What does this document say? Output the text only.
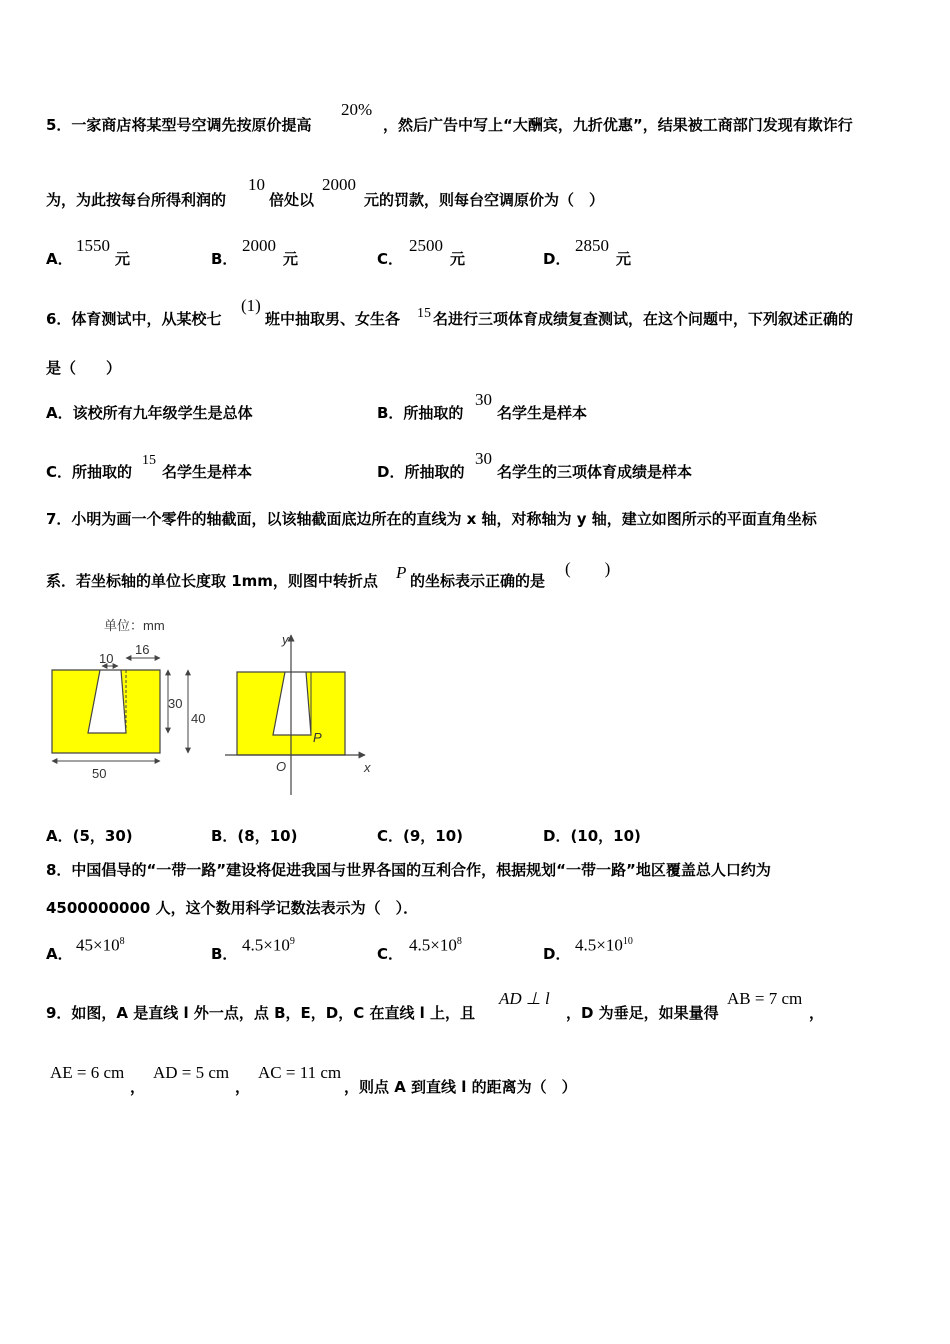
5．一家商店将某型号空调先按原价提高
20%
，然后广告中写上“大酬宾，九折优惠”，结果被工商部门发现有欺诈行
为，为此按每台所得利润的
10
倍处以
2000
元的罚款，则每台空调原价为（　）
A．
1550
元	B．
2000
元	C．
2500
元	D．
2850
元
6．体育测试中，从某校七
(1)
班中抽取男、女生各 15 名进行三项体育成绩复查测试，在这个问题中，下列叙述正确的
是（　　）
A．该校所有九年级学生是总体	B．所抽取的
30
名学生是样本
C．所抽取的
15
名学生是样本	D．所抽取的
30
名学生的三项体育成绩是样本
7．小明为画一个零件的轴截面，以该轴截面底边所在的直线为 x 轴，对称轴为 y 轴，建立如图所示的平面直角坐标
系．若坐标轴的单位长度取 1mm，则图中转折点 P 的坐标表示正确的是
(　　)
单位：mm
10
16
30
40
50
y
x
O
P
A．(5，30)	B．(8，10)	C．(9，10)	D．(10，10)
8．中国倡导的“一带一路”建设将促进我国与世界各国的互利合作，根据规划“一带一路”地区覆盖总人口约为
4500000000 人，这个数用科学记数法表示为（　）．
A． $45\times 10^8$
B． $4.5\times 10^9$
C． $4.5\times 10^8$
D． $4.5\times 10^{10}$
9．如图，A 是直线 l 外一点，点 B，E，D，C 在直线 l 上，且
AD ⊥ l
，D 为垂足，如果量得
AB = 7 cm
，
AE = 6 cm
，
AD = 5 cm
，
AC = 11 cm
，则点 A 到直线 l 的距离为（　）
